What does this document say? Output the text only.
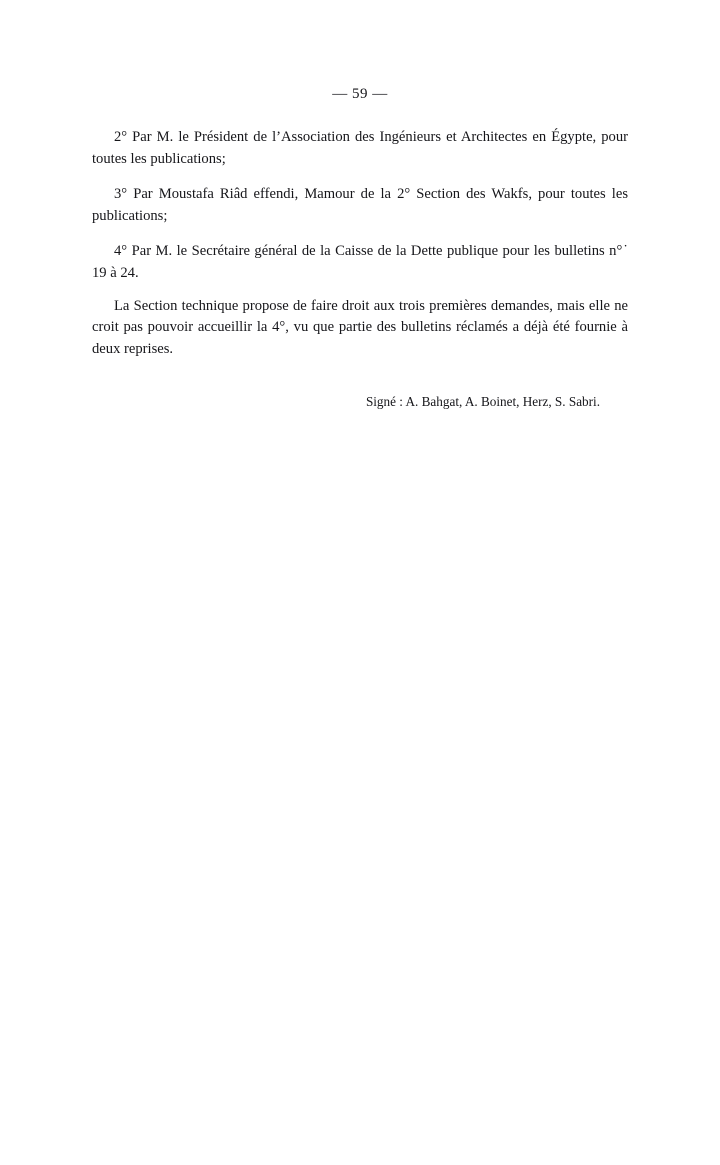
— 59 —

2° Par M. le Président de l’Association des Ingénieurs et Architectes en Égypte, pour toutes les publications;

3° Par Moustafa Riâd effendi, Mamour de la 2° Section des Wakfs, pour toutes les publications;

4° Par M. le Secrétaire général de la Caisse de la Dette publique pour les bulletins n°˙ 19 à 24.

La Section technique propose de faire droit aux trois premières demandes, mais elle ne croit pas pouvoir accueillir la 4°, vu que partie des bulletins réclamés a déjà été fournie à deux reprises.

Signé : A. Bahgat, A. Boinet, Herz, S. Sabri.
